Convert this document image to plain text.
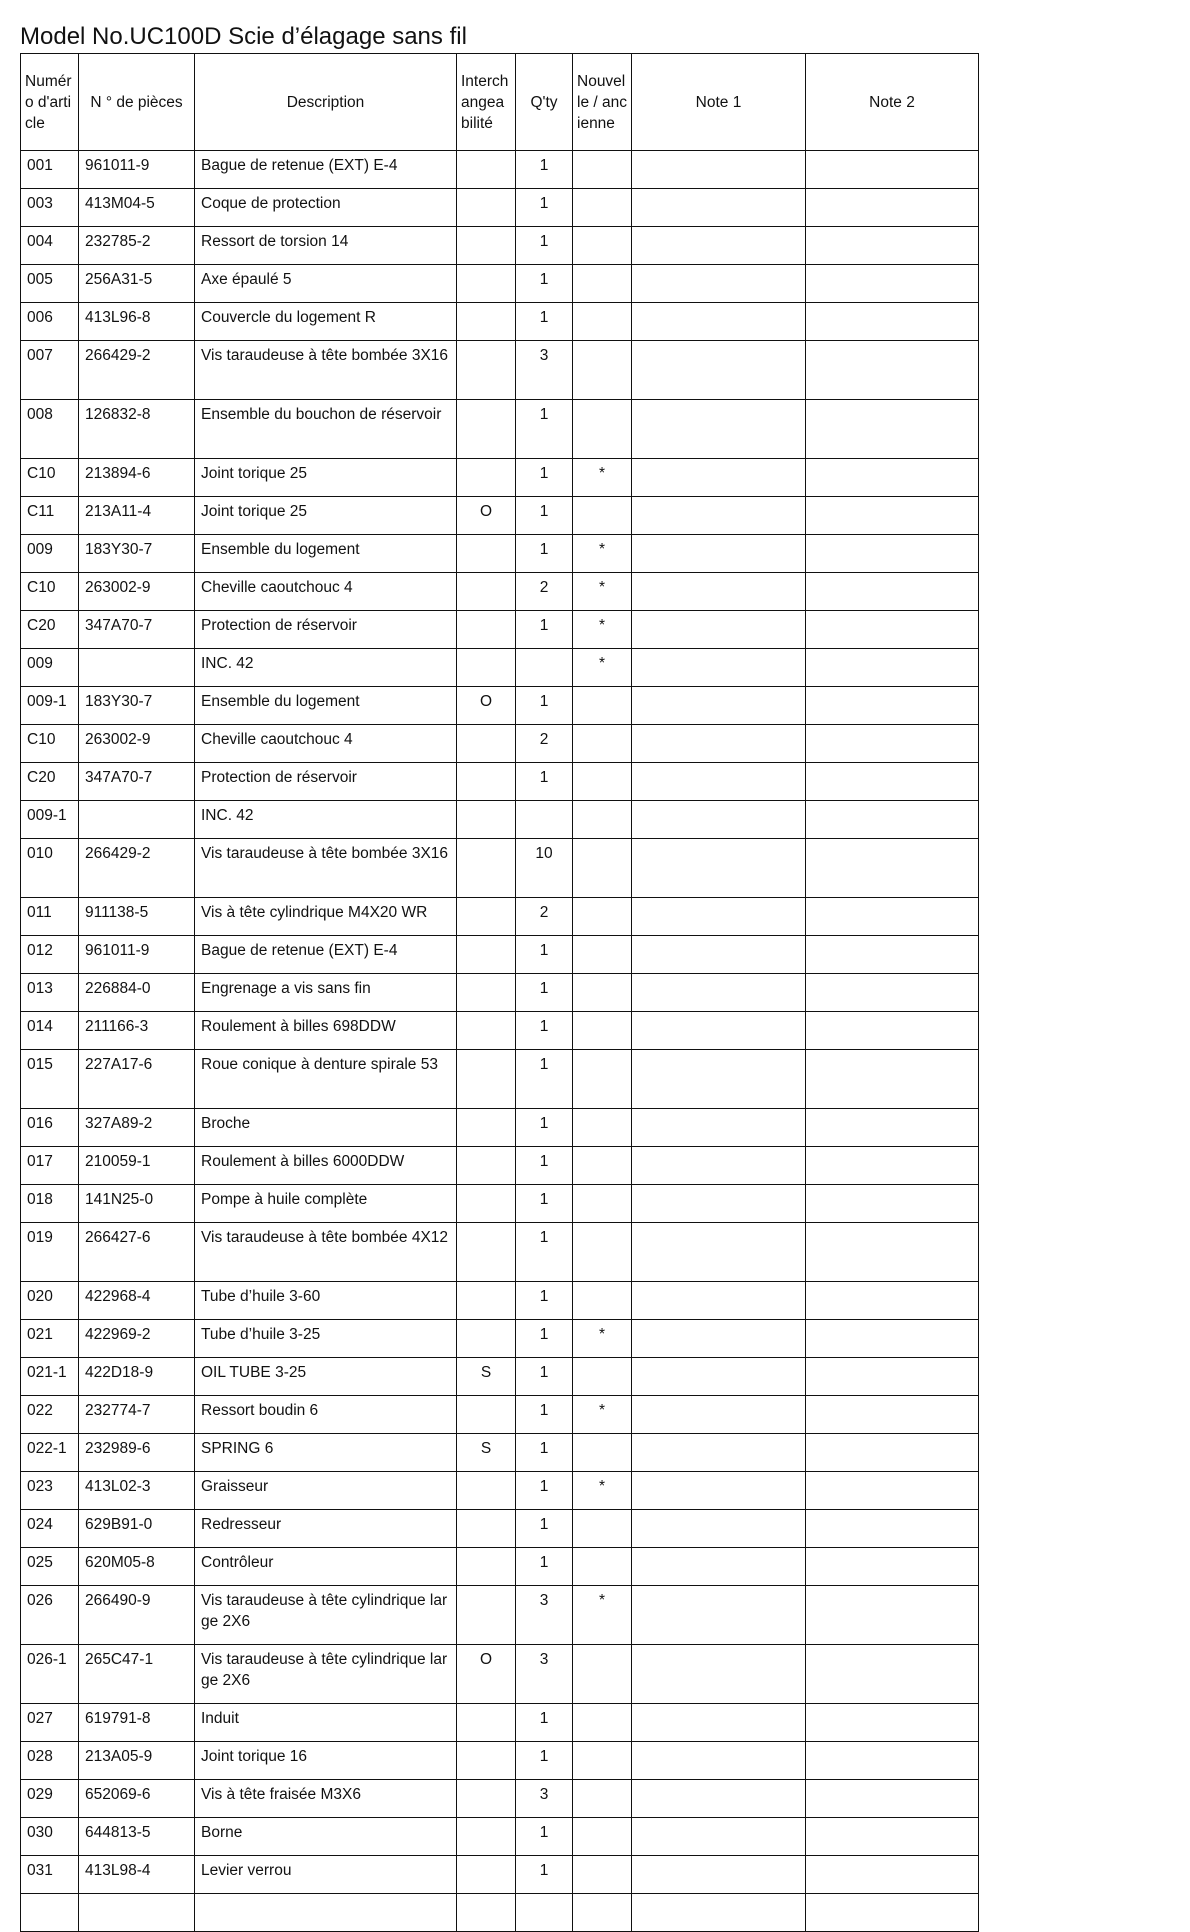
Model No.UC100D Scie d’élagage sans fil
Numéro d'article	N ° de pièces	Description	Interchangeabilité	Q'ty	Nouvelle / ancienne	Note 1	Note 2
001	961011-9	Bague de retenue (EXT) E-4		1			
003	413M04-5	Coque de protection		1			
004	232785-2	Ressort de torsion 14		1			
005	256A31-5	Axe épaulé 5		1			
006	413L96-8	Couvercle du logement R		1			
007	266429-2	Vis taraudeuse à tête bombée 3X16		3			
008	126832-8	Ensemble du bouchon de réservoir		1			
C10	213894-6	Joint torique 25		1	*		
C11	213A11-4	Joint torique 25	O	1			
009	183Y30-7	Ensemble du logement		1	*		
C10	263002-9	Cheville caoutchouc 4		2	*		
C20	347A70-7	Protection de réservoir		1	*		
009		INC. 42			*		
009-1	183Y30-7	Ensemble du logement	O	1			
C10	263002-9	Cheville caoutchouc 4		2			
C20	347A70-7	Protection de réservoir		1			
009-1		INC. 42					
010	266429-2	Vis taraudeuse à tête bombée 3X16		10			
011	911138-5	Vis à tête cylindrique M4X20 WR		2			
012	961011-9	Bague de retenue (EXT) E-4		1			
013	226884-0	Engrenage a vis sans fin		1			
014	211166-3	Roulement à billes 698DDW		1			
015	227A17-6	Roue conique à denture spirale 53		1			
016	327A89-2	Broche		1			
017	210059-1	Roulement à billes 6000DDW		1			
018	141N25-0	Pompe à huile complète		1			
019	266427-6	Vis taraudeuse à tête bombée 4X12		1			
020	422968-4	Tube d’huile 3-60		1			
021	422969-2	Tube d’huile 3-25		1	*		
021-1	422D18-9	OIL TUBE 3-25	S	1			
022	232774-7	Ressort boudin 6		1	*		
022-1	232989-6	SPRING 6	S	1			
023	413L02-3	Graisseur		1	*		
024	629B91-0	Redresseur		1			
025	620M05-8	Contrôleur		1			
026	266490-9	Vis taraudeuse à tête cylindrique large 2X6		3	*		
026-1	265C47-1	Vis taraudeuse à tête cylindrique large 2X6	O	3			
027	619791-8	Induit		1			
028	213A05-9	Joint torique 16		1			
029	652069-6	Vis à tête fraisée M3X6		3			
030	644813-5	Borne		1			
031	413L98-4	Levier verrou		1			
